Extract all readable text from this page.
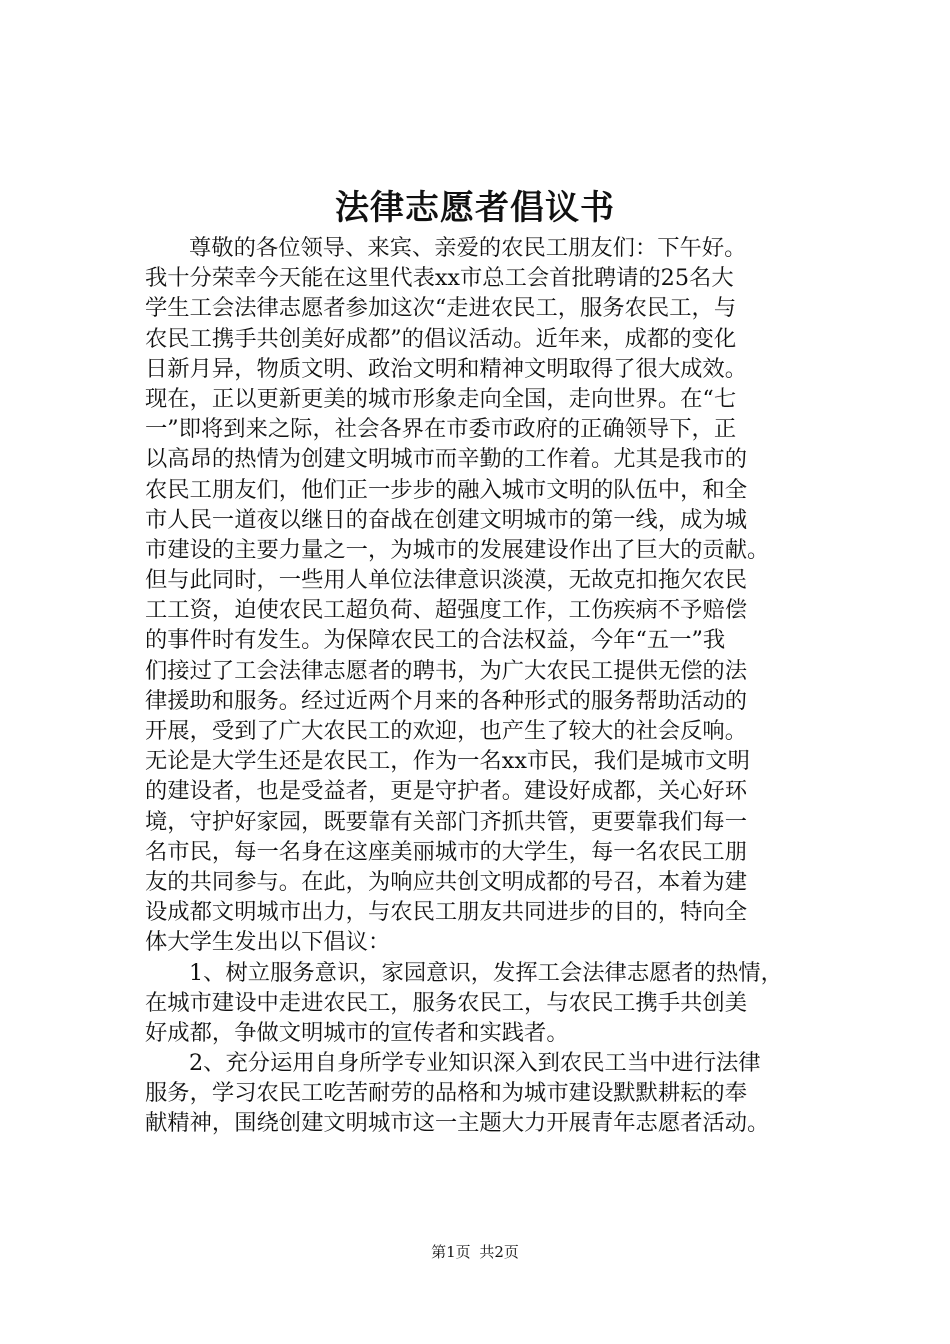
法律志愿者倡议书
尊敬的各位领导、来宾、亲爱的农民工朋友们：下午好。
我十分荣幸今天能在这里代表xx市总工会首批聘请的25名大
学生工会法律志愿者参加这次“走进农民工，服务农民工，与
农民工携手共创美好成都”的倡议活动。近年来，成都的变化
日新月异，物质文明、政治文明和精神文明取得了很大成效。
现在，正以更新更美的城市形象走向全国，走向世界。在“七
一”即将到来之际，社会各界在市委市政府的正确领导下，正
以高昂的热情为创建文明城市而辛勤的工作着。尤其是我市的
农民工朋友们，他们正一步步的融入城市文明的队伍中，和全
市人民一道夜以继日的奋战在创建文明城市的第一线，成为城
市建设的主要力量之一，为城市的发展建设作出了巨大的贡献。
但与此同时，一些用人单位法律意识淡漠，无故克扣拖欠农民
工工资，迫使农民工超负荷、超强度工作，工伤疾病不予赔偿
的事件时有发生。为保障农民工的合法权益，今年“五一”我
们接过了工会法律志愿者的聘书，为广大农民工提供无偿的法
律援助和服务。经过近两个月来的各种形式的服务帮助活动的
开展，受到了广大农民工的欢迎，也产生了较大的社会反响。
无论是大学生还是农民工，作为一名xx市民，我们是城市文明
的建设者，也是受益者，更是守护者。建设好成都，关心好环
境，守护好家园，既要靠有关部门齐抓共管，更要靠我们每一
名市民，每一名身在这座美丽城市的大学生，每一名农民工朋
友的共同参与。在此，为响应共创文明成都的号召，本着为建
设成都文明城市出力，与农民工朋友共同进步的目的，特向全
体大学生发出以下倡议：
1、树立服务意识，家园意识，发挥工会法律志愿者的热情，
在城市建设中走进农民工，服务农民工，与农民工携手共创美
好成都，争做文明城市的宣传者和实践者。
2、充分运用自身所学专业知识深入到农民工当中进行法律
服务，学习农民工吃苦耐劳的品格和为城市建设默默耕耘的奉
献精神，围绕创建文明城市这一主题大力开展青年志愿者活动。
第1页 共2页
